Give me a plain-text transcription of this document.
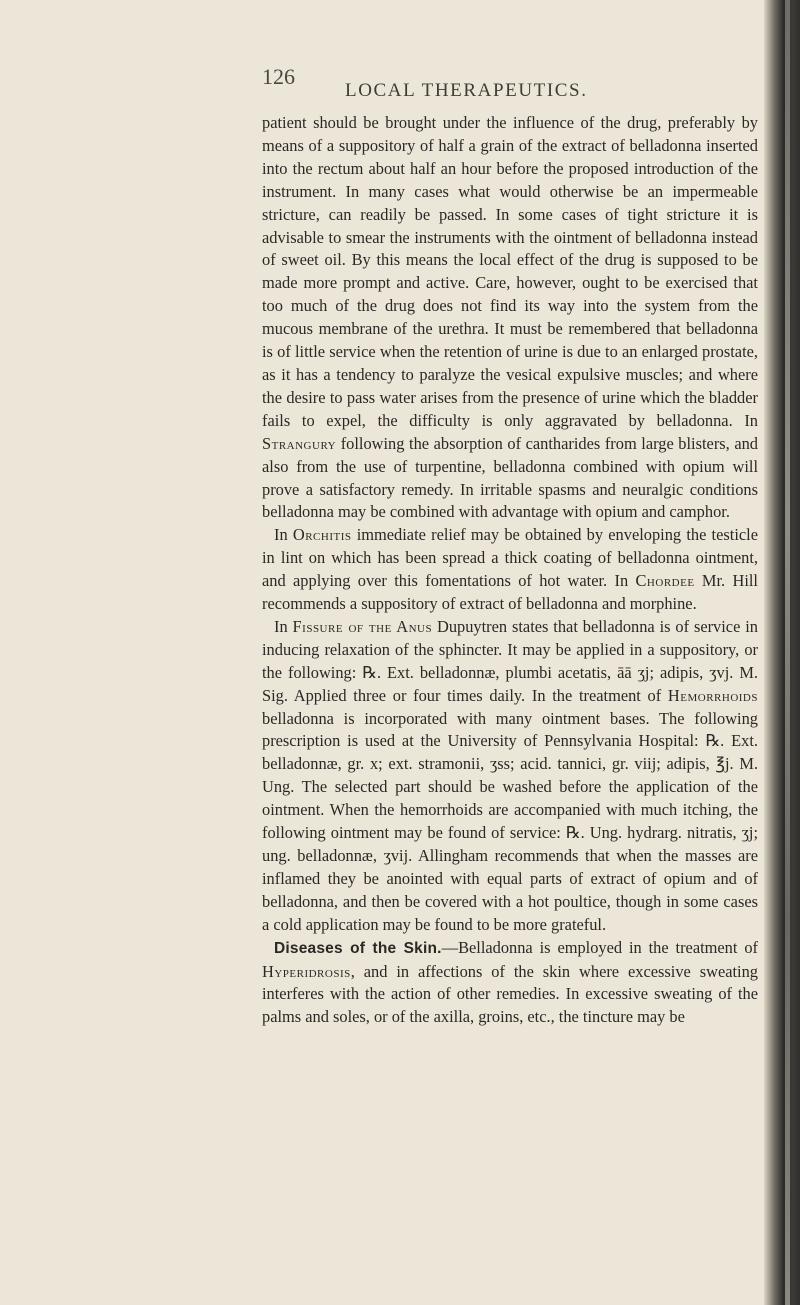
126
LOCAL THERAPEUTICS.

patient should be brought under the influence of the drug, preferably by means of a suppository of half a grain of the extract of belladonna inserted into the rectum about half an hour before the proposed introduction of the instrument. In many cases what would otherwise be an impermeable stricture, can readily be passed. In some cases of tight stricture it is advisable to smear the instruments with the ointment of belladonna instead of sweet oil. By this means the local effect of the drug is supposed to be made more prompt and active. Care, however, ought to be exercised that too much of the drug does not find its way into the system from the mucous membrane of the urethra. It must be remembered that belladonna is of little service when the retention of urine is due to an enlarged prostate, as it has a tendency to paralyze the vesical expulsive muscles; and where the desire to pass water arises from the presence of urine which the bladder fails to expel, the difficulty is only aggravated by belladonna. In Strangury following the absorption of cantharides from large blisters, and also from the use of turpentine, belladonna combined with opium will prove a satisfactory remedy. In irritable spasms and neuralgic conditions belladonna may be combined with advantage with opium and camphor.

In Orchitis immediate relief may be obtained by enveloping the testicle in lint on which has been spread a thick coating of belladonna ointment, and applying over this fomentations of hot water. In Chordee Mr. Hill recommends a suppository of extract of belladonna and morphine.

In Fissure of the Anus Dupuytren states that belladonna is of service in inducing relaxation of the sphincter. It may be applied in a suppository, or the following: ℞. Ext. belladonnæ, plumbi acetatis, āā ʒj; adipis, ʒvj. M. Sig. Applied three or four times daily. In the treatment of Hemorrhoids belladonna is incorporated with many ointment bases. The following prescription is used at the University of Pennsylvania Hospital: ℞. Ext. belladonnæ, gr. x; ext. stramonii, ʒss; acid. tannici, gr. viij; adipis, ℥j. M. Ung. The selected part should be washed before the application of the ointment. When the hemorrhoids are accompanied with much itching, the following ointment may be found of service: ℞. Ung. hydrarg. nitratis, ʒj; ung. belladonnæ, ʒvij. Allingham recommends that when the masses are inflamed they be anointed with equal parts of extract of opium and of belladonna, and then be covered with a hot poultice, though in some cases a cold application may be found to be more grateful.

Diseases of the Skin.—Belladonna is employed in the treatment of Hyperidrosis, and in affections of the skin where excessive sweating interferes with the action of other remedies. In excessive sweating of the palms and soles, or of the axilla, groins, etc., the tincture may be
